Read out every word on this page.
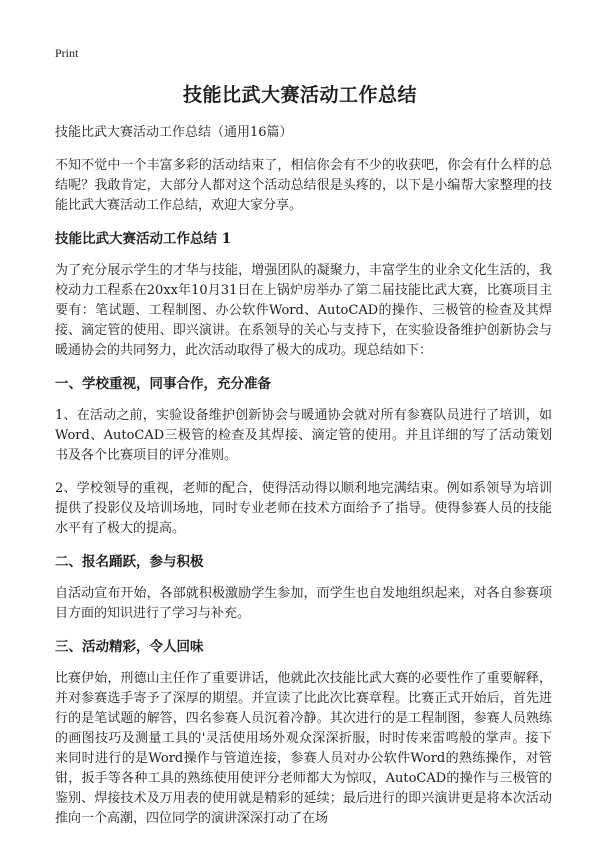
Print
技能比武大赛活动工作总结
技能比武大赛活动工作总结（通用16篇）

不知不觉中一个丰富多彩的活动结束了，相信你会有不少的收获吧，你会有什么样的总结呢？我敢肯定，大部分人都对这个活动总结很是头疼的，以下是小编帮大家整理的技能比武大赛活动工作总结，欢迎大家分享。

技能比武大赛活动工作总结 1

为了充分展示学生的才华与技能，增强团队的凝聚力，丰富学生的业余文化生活的，我校动力工程系在20xx年10月31日在上锅炉房举办了第二届技能比武大赛，比赛项目主要有：笔试题、工程制图、办公软件Word、AutoCAD的操作、三极管的检查及其焊接、滴定管的使用、即兴演讲。在系领导的关心与支持下，在实验设备维护创新协会与暖通协会的共同努力，此次活动取得了极大的成功。现总结如下：

一、学校重视，同事合作，充分准备

1、在活动之前，实验设备维护创新协会与暖通协会就对所有参赛队员进行了培训，如Word、AutoCAD三极管的检查及其焊接、滴定管的使用。并且详细的写了活动策划书及各个比赛项目的评分准则。

2、学校领导的重视，老师的配合，使得活动得以顺利地完满结束。例如系领导为培训提供了投影仪及培训场地，同时专业老师在技术方面给予了指导。使得参赛人员的技能水平有了极大的提高。

二、报名踊跃，参与积极

自活动宣布开始，各部就积极激励学生参加，而学生也自发地组织起来，对各自参赛项目方面的知识进行了学习与补充。

三、活动精彩，令人回味

比赛伊始，刑德山主任作了重要讲话，他就此次技能比武大赛的必要性作了重要解释，并对参赛选手寄予了深厚的期望。并宣读了比此次比赛章程。比赛正式开始后，首先进行的是笔试题的解答，四名参赛人员沉着冷静。其次进行的是工程制图，参赛人员熟练的画图技巧及测量工具的'灵活使用场外观众深深折服，时时传来雷鸣般的掌声。接下来同时进行的是Word操作与管道连接，参赛人员对办公软件Word的熟练操作，对管钳，扳手等各种工具的熟练使用使评分老师都大为惊叹，AutoCAD的操作与三极管的鉴别、焊接技术及万用表的使用就是精彩的延续；最后进行的即兴演讲更是将本次活动推向一个高潮，四位同学的演讲深深打动了在场
